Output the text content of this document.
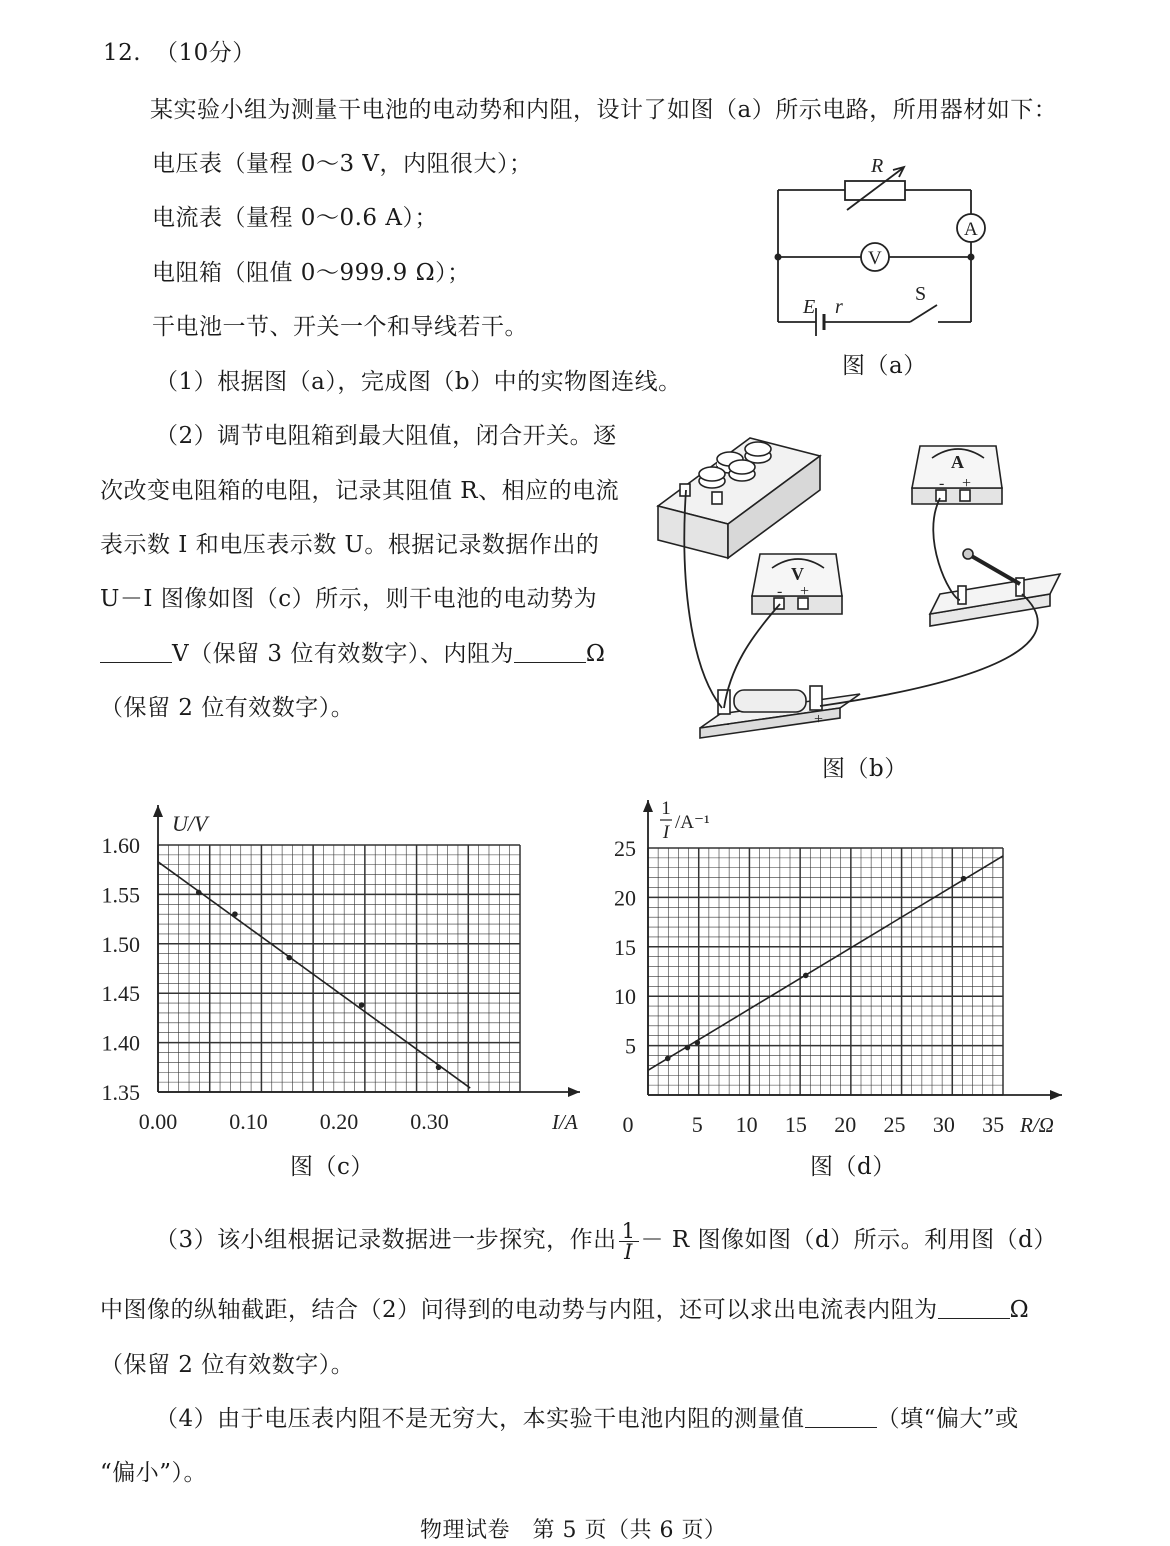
12. （10分）
某实验小组为测量干电池的电动势和内阻，设计了如图（a）所示电路，所用器材如下：
电压表（量程 0～3 V，内阻很大）；
电流表（量程 0～0.6 A）；
电阻箱（阻值 0～999.9 Ω）；
干电池一节、开关一个和导线若干。
（1）根据图（a），完成图（b）中的实物图连线。
（2）调节电阻箱到最大阻值，闭合开关。逐
次改变电阻箱的电阻，记录其阻值 R、相应的电流
表示数 I 和电压表示数 U。根据记录数据作出的
U－I 图像如图（c）所示，则干电池的电动势为
V（保留 3 位有效数字）、内阻为	Ω
（保留 2 位有效数字）。
R
A
V
E r
S
图（a）
A
V
- +
- +
-	+
图（b）
0.00 0.10 0.20 0.30
1.35
1.40
1.45
1.50
1.55
1.60
I/A
U/V
图（c）
5 10 15 20 25 30 35
5
10
15
20
25
0	R/Ω
1
I /A⁻¹
图（d）
（3）该小组根据记录数据进一步探究，作出 $\frac{1}{I} - R$ 图像如图（d）所示。利用图（d）
中图像的纵轴截距，结合（2）问得到的电动势与内阻，还可以求出电流表内阻为	Ω
（保留 2 位有效数字）。
（4）由于电压表内阻不是无穷大，本实验干电池内阻的测量值	（填“偏大”或
“偏小”）。
物理试卷　第 5 页（共 6 页）
